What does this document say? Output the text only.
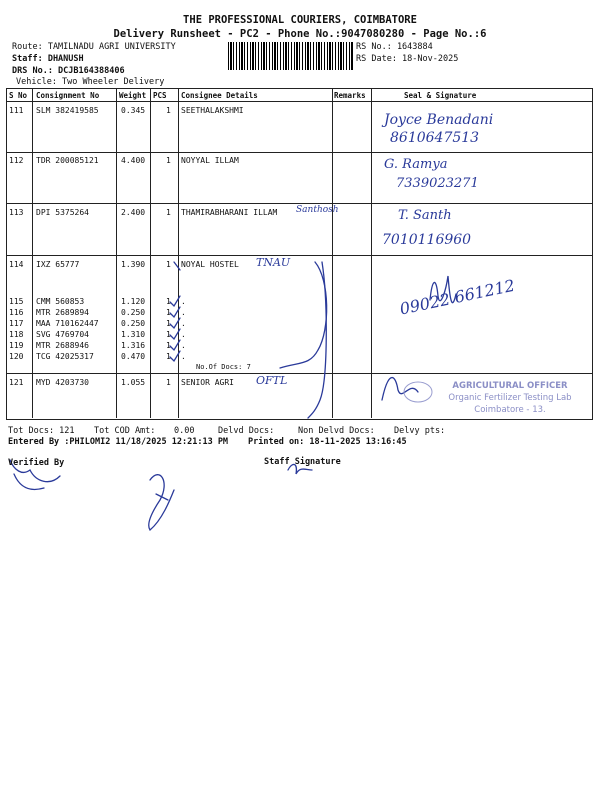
THE PROFESSIONAL COURIERS, COIMBATORE
Delivery Runsheet - PC2 - Phone No.:9047080280 - Page No.:6
Route: TAMILNADU AGRI UNIVERSITY
Staff: DHANUSH
DRS No.: DCJB164388406
Vehicle: Two Wheeler Delivery
RS No.: 1643884
RS Date: 18-Nov-2025
S No Consignment No	Weight PCS Consignee Details	Remarks	Seal & Signature
111 SLM 382419585	0.345	1 SEETHALAKSHMI
112 TDR 200085121	4.400	1 NOYYAL ILLAM
113 DPI 5375264	2.400	1 THAMIRABHARANI ILLAM
114 IXZ 65777	1.390	1 NOYAL HOSTEL
115 CMM 560853	1.120	1 .
116 MTR 2689894	0.250	1 .
117 MAA 710162447	0.250	1 .
118 SVG 4769704	1.310	1 .
119 MTR 2688946	1.316	1 .
120 TCG 42025317	0.470	1 .
No.Of Docs: 7
121 MYD 4203730	1.055	1 SENIOR AGRI
Joyce Benadani
8610647513
G. Ramya
7339023271
Santhosh	T. Santh
7010116960
TNAU
09022 661212
OFTL	AGRICULTURAL OFFICER
Organic Fertilizer Testing Lab
Coimbatore - 13.
Tot Docs: 121 Tot COD Amt: 0.00	Delvd Docs:	Non Delvd Docs: Delvy pts:
Entered By :PHILOMI2 11/18/2025 12:21:13 PM Printed on: 18-11-2025 13:16:45
Verified By	Staff Signature
